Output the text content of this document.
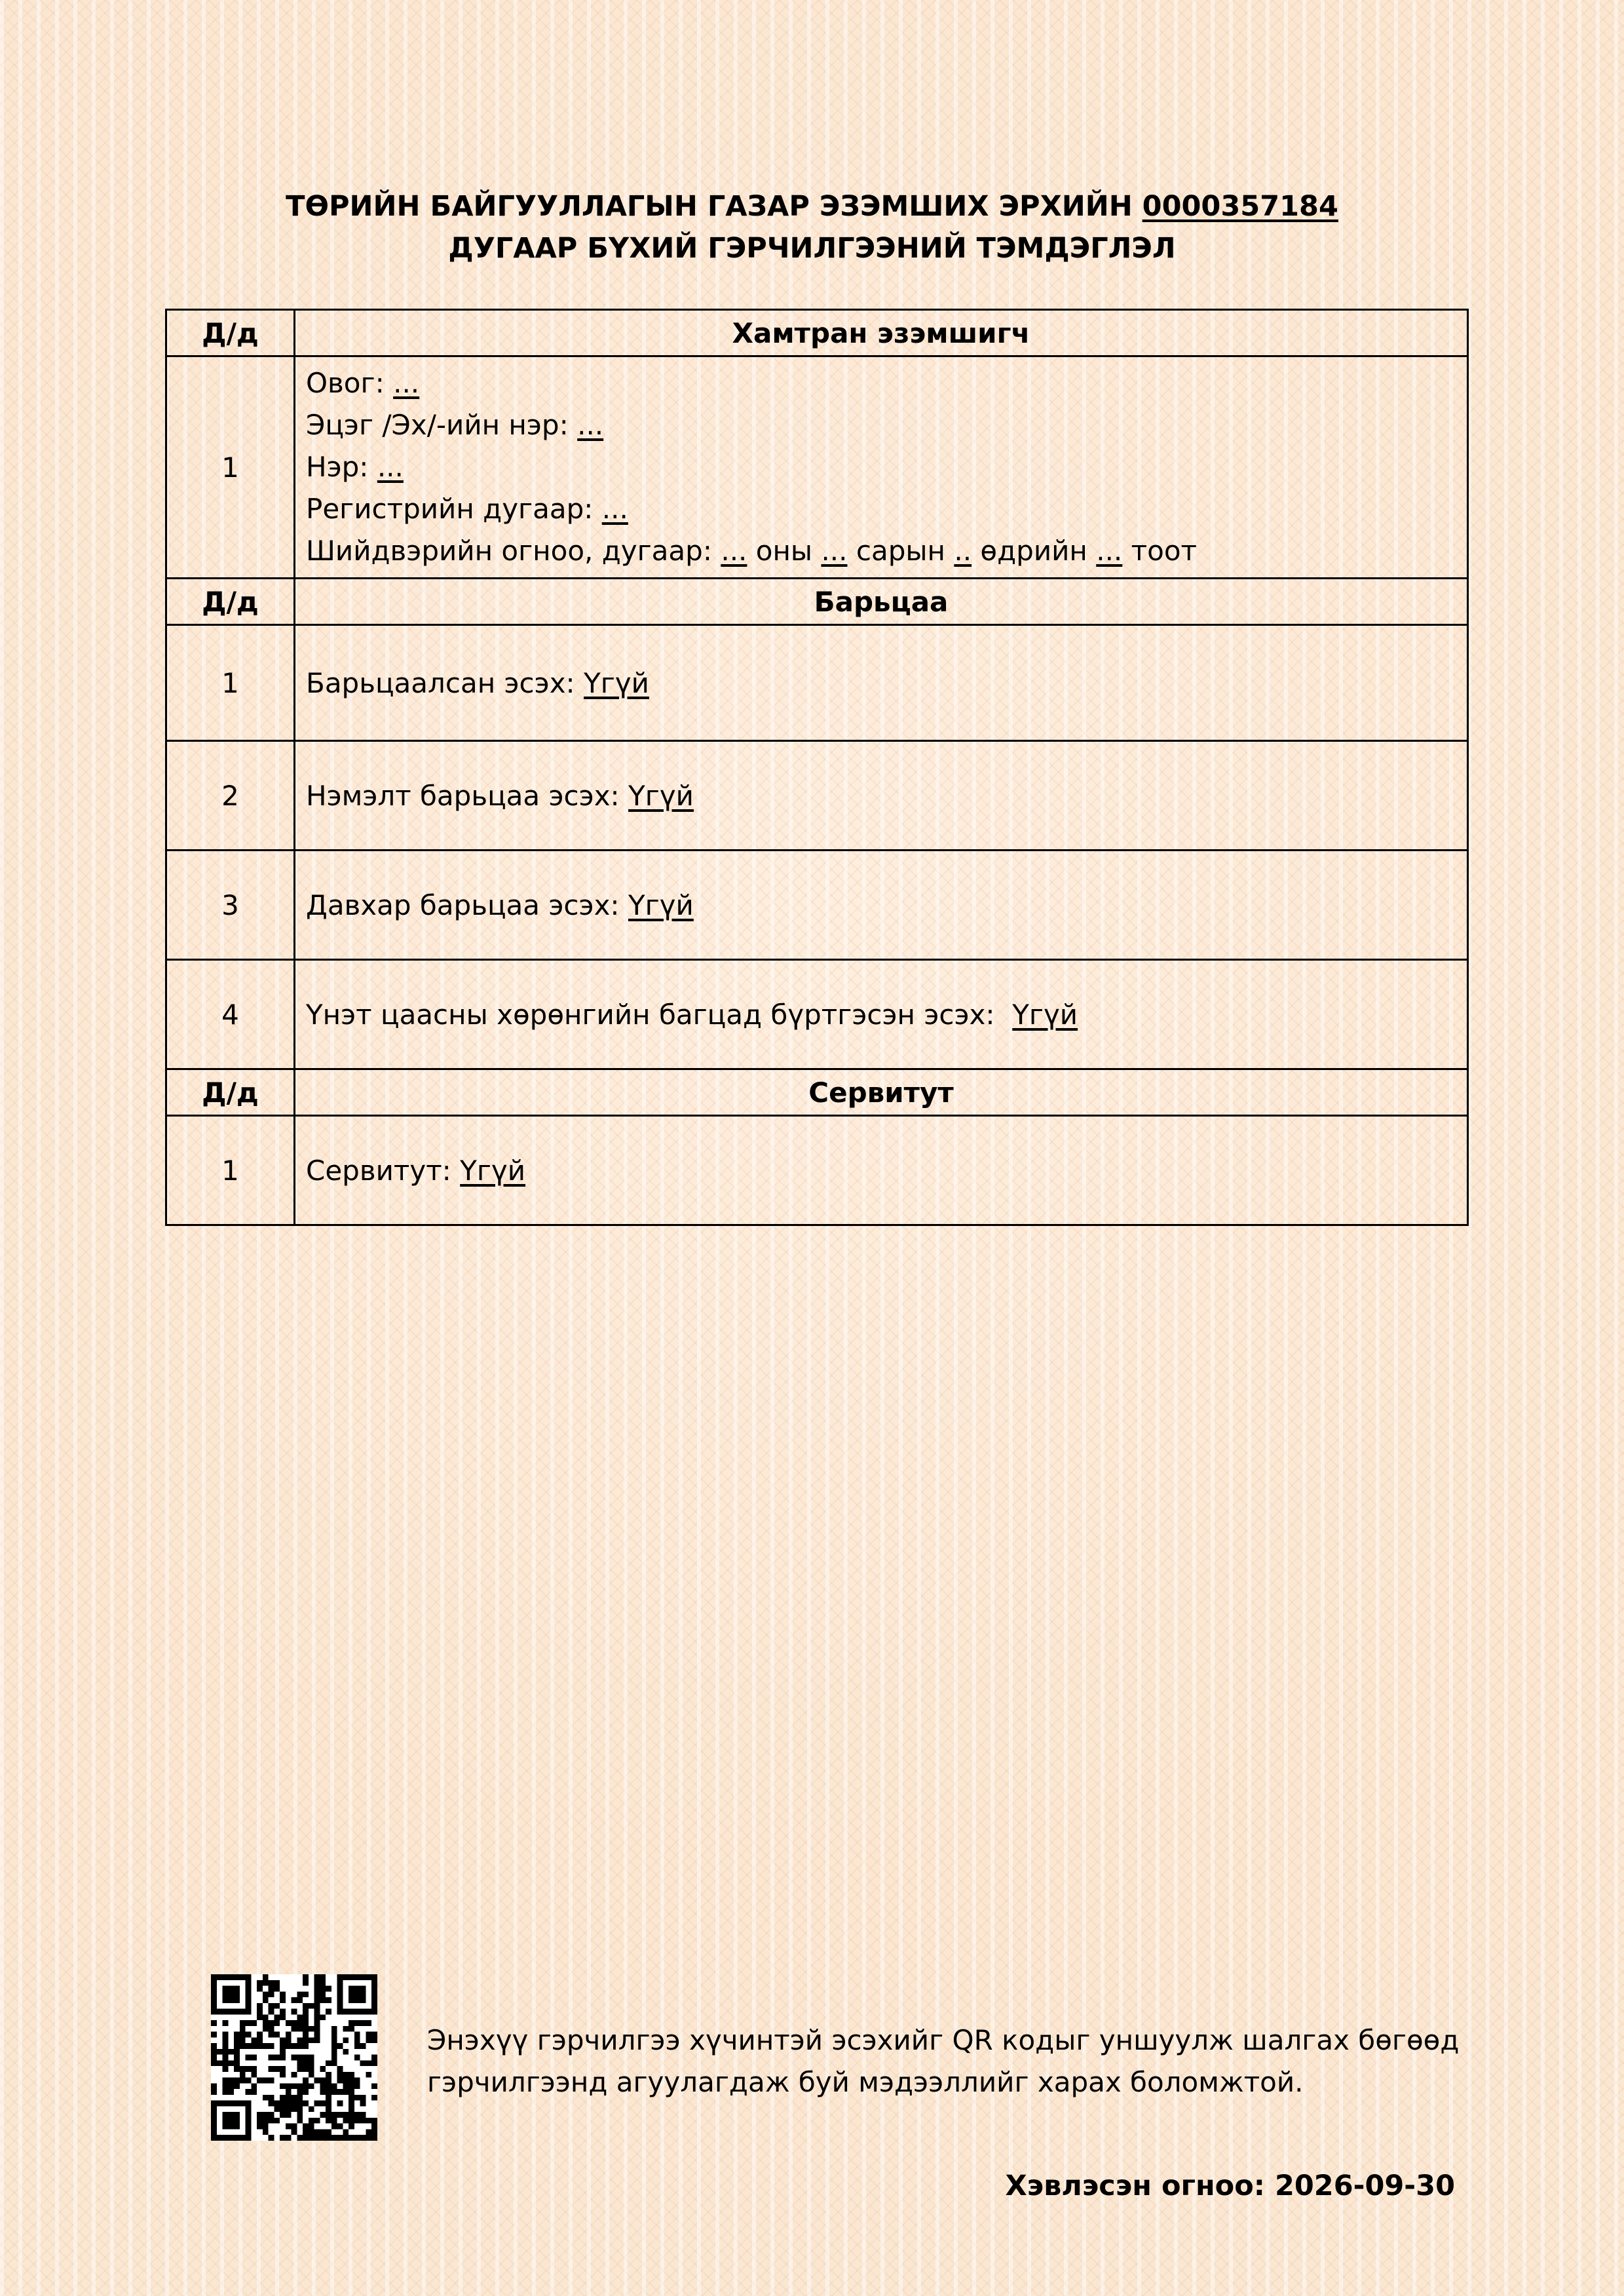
ТӨРИЙН БАЙГУУЛЛАГЫН ГАЗАР ЭЗЭМШИХ ЭРХИЙН 0000357184
ДУГААР БҮХИЙ ГЭРЧИЛГЭЭНИЙ ТЭМДЭГЛЭЛ
Д/д	Хамтран эзэмшигч
1	Овог: ...
Эцэг /Эх/-ийн нэр: ...
Нэр: ...
Регистрийн дугаар: ...
Шийдвэрийн огноо, дугаар: ... оны ... сарын .. өдрийн ... тоот

Д/д	Барьцаа
1	Барьцаалсан эсэх: Үгүй
2	Нэмэлт барьцаа эсэх: Үгүй
3	Давхар барьцаа эсэх: Үгүй
4	Үнэт цаасны хөрөнгийн багцад бүртгэсэн эсэх: Үгүй
Д/д	Сервитут
1	Сервитут: Үгүй
Энэхүү гэрчилгээ хүчинтэй эсэхийг QR кодыг уншуулж шалгах бөгөөд
гэрчилгээнд агуулагдаж буй мэдээллийг харах боломжтой.
Хэвлэсэн огноо: 2026-09-30
